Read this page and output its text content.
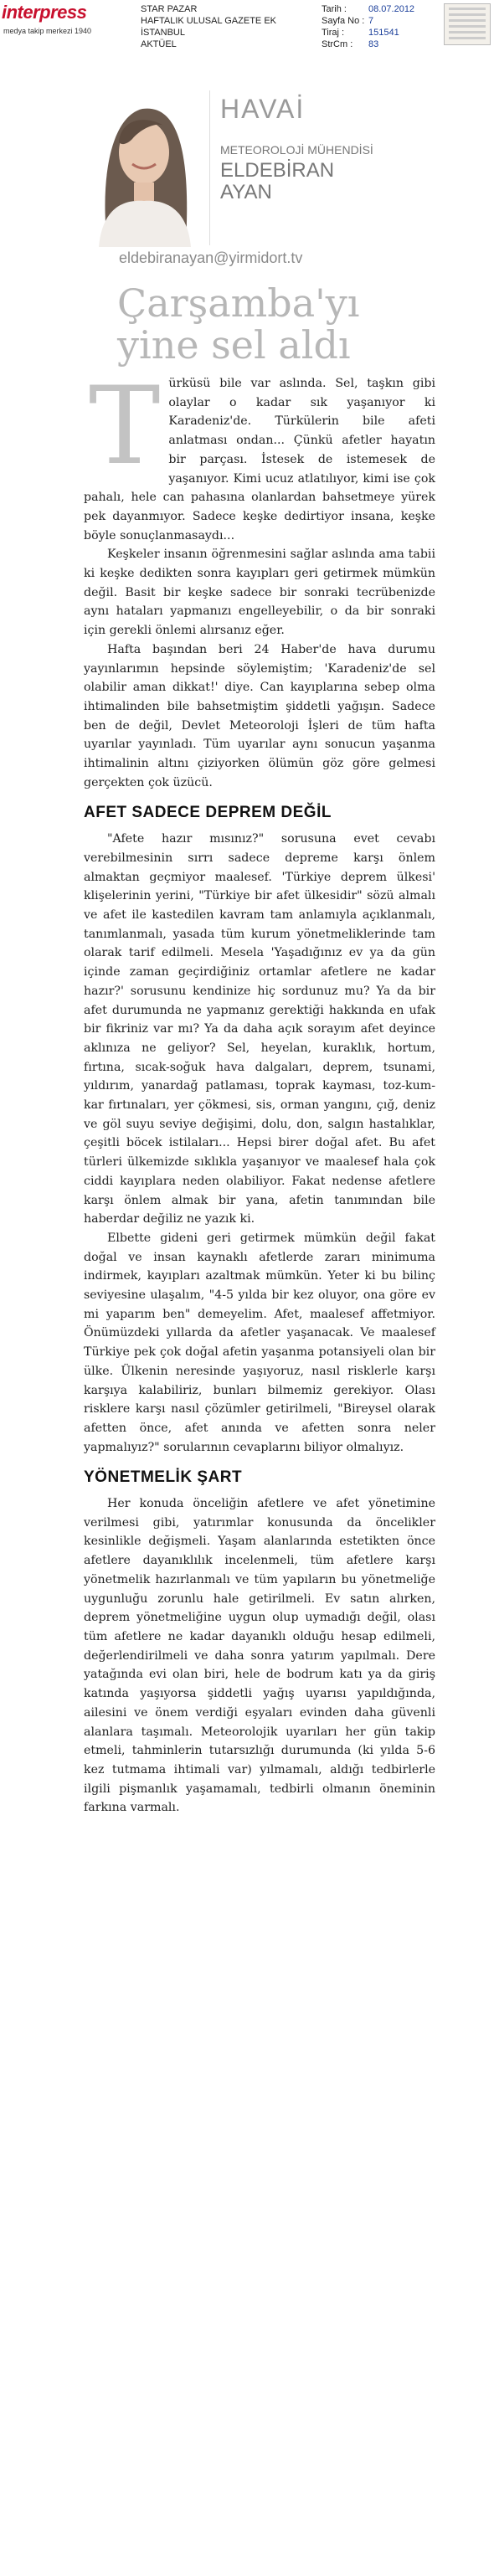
interpress
medya takip merkezi 1940
STAR PAZAR
HAFTALIK ULUSAL GAZETE EK
İSTANBUL
AKTÜEL
Tarih :	08.07.2012
Sayfa No : 7
Tiraj :	151541
StrCm :	83
HAVAİ
METEOROLOJİ MÜHENDİSİ
ELDEBİRAN
AYAN
eldebiranayan@yirmidort.tv
Çarşamba'yı
yine sel aldı
T ürküsü bile var aslında. Sel, taşkın gibi olaylar o kadar sık yaşanıyor ki Karadeniz'de. Türkülerin bile afeti anlatması ondan... Çünkü afetler hayatın bir parçası. İstesek de istemesek de yaşanıyor. Kimi ucuz atlatılıyor, kimi ise çok pahalı, hele can pahasına olanlardan bahsetmeye yürek pek dayanmıyor. Sadece keşke dedirtiyor insana, keşke böyle sonuçlanmasaydı...

Keşkeler insanın öğrenmesini sağlar aslında ama tabii ki keşke dedikten sonra kayıpları geri getirmek mümkün değil. Basit bir keşke sadece bir sonraki tecrübenizde aynı hataları yapmanızı engelleyebilir, o da bir sonraki için gerekli önlemi alırsanız eğer.

Hafta başından beri 24 Haber'de hava durumu yayınlarımın hepsinde söylemiştim; 'Karadeniz'de sel olabilir aman dikkat!' diye. Can kayıplarına sebep olma ihtimalinden bile bahsetmiştim şiddetli yağışın. Sadece ben de değil, Devlet Meteoroloji İşleri de tüm hafta uyarılar yayınladı. Tüm uyarılar aynı sonucun yaşanma ihtimalinin altını çiziyorken ölümün göz göre gelmesi gerçekten çok üzücü.

AFET SADECE DEPREM DEĞİL

"Afete hazır mısınız?" sorusuna evet cevabı verebilmesinin sırrı sadece depreme karşı önlem almaktan geçmiyor maalesef. 'Türkiye deprem ülkesi' klişelerinin yerini, "Türkiye bir afet ülkesidir" sözü almalı ve afet ile kastedilen kavram tam anlamıyla açıklanmalı, tanımlanmalı, yasada tüm kurum yönetmeliklerinde tam olarak tarif edilmeli. Mesela 'Yaşadığınız ev ya da gün içinde zaman geçirdiğiniz ortamlar afetlere ne kadar hazır?' sorusunu kendinize hiç sordunuz mu? Ya da bir afet durumunda ne yapmanız gerektiği hakkında en ufak bir fikriniz var mı? Ya da daha açık sorayım afet deyince aklınıza ne geliyor? Sel, heyelan, kuraklık, hortum, fırtına, sıcak-soğuk hava dalgaları, deprem, tsunami, yıldırım, yanardağ patlaması, toprak kayması, toz-kum-kar fırtınaları, yer çökmesi, sis, orman yangını, çığ, deniz ve göl suyu seviye değişimi, dolu, don, salgın hastalıklar, çeşitli böcek istilaları... Hepsi birer doğal afet. Bu afet türleri ülkemizde sıklıkla yaşanıyor ve maalesef hala çok ciddi kayıplara neden olabiliyor. Fakat nedense afetlere karşı önlem almak bir yana, afetin tanımından bile haberdar değiliz ne yazık ki.

Elbette gideni geri getirmek mümkün değil fakat doğal ve insan kaynaklı afetlerde zararı minimuma indirmek, kayıpları azaltmak mümkün. Yeter ki bu bilinç seviyesine ulaşalım, "4-5 yılda bir kez oluyor, ona göre ev mi yaparım ben" demeyelim. Afet, maalesef affetmiyor. Önümüzdeki yıllarda da afetler yaşanacak. Ve maalesef Türkiye pek çok doğal afetin yaşanma potansiyeli olan bir ülke. Ülkenin neresinde yaşıyoruz, nasıl risklerle karşı karşıya kalabiliriz, bunları bilmemiz gerekiyor. Olası risklere karşı nasıl çözümler getirilmeli, "Bireysel olarak afetten önce, afet anında ve afetten sonra neler yapmalıyız?" sorularının cevaplarını biliyor olmalıyız.

YÖNETMELİK ŞART

Her konuda önceliğin afetlere ve afet yönetimine verilmesi gibi, yatırımlar konusunda da öncelikler kesinlikle değişmeli. Yaşam alanlarında estetikten önce afetlere dayanıklılık incelenmeli, tüm afetlere karşı yönetmelik hazırlanmalı ve tüm yapıların bu yönetmeliğe uygunluğu zorunlu hale getirilmeli. Ev satın alırken, deprem yönetmeliğine uygun olup uymadığı değil, olası tüm afetlere ne kadar dayanıklı olduğu hesap edilmeli, değerlendirilmeli ve daha sonra yatırım yapılmalı. Dere yatağında evi olan biri, hele de bodrum katı ya da giriş katında yaşıyorsa şiddetli yağış uyarısı yapıldığında, ailesini ve önem verdiği eşyaları evinden daha güvenli alanlara taşımalı. Meteorolojik uyarıları her gün takip etmeli, tahminlerin tutarsızlığı durumunda (ki yılda 5-6 kez tutmama ihtimali var) yılmamalı, aldığı tedbirlerle ilgili pişmanlık yaşamamalı, tedbirli olmanın öneminin farkına varmalı.
